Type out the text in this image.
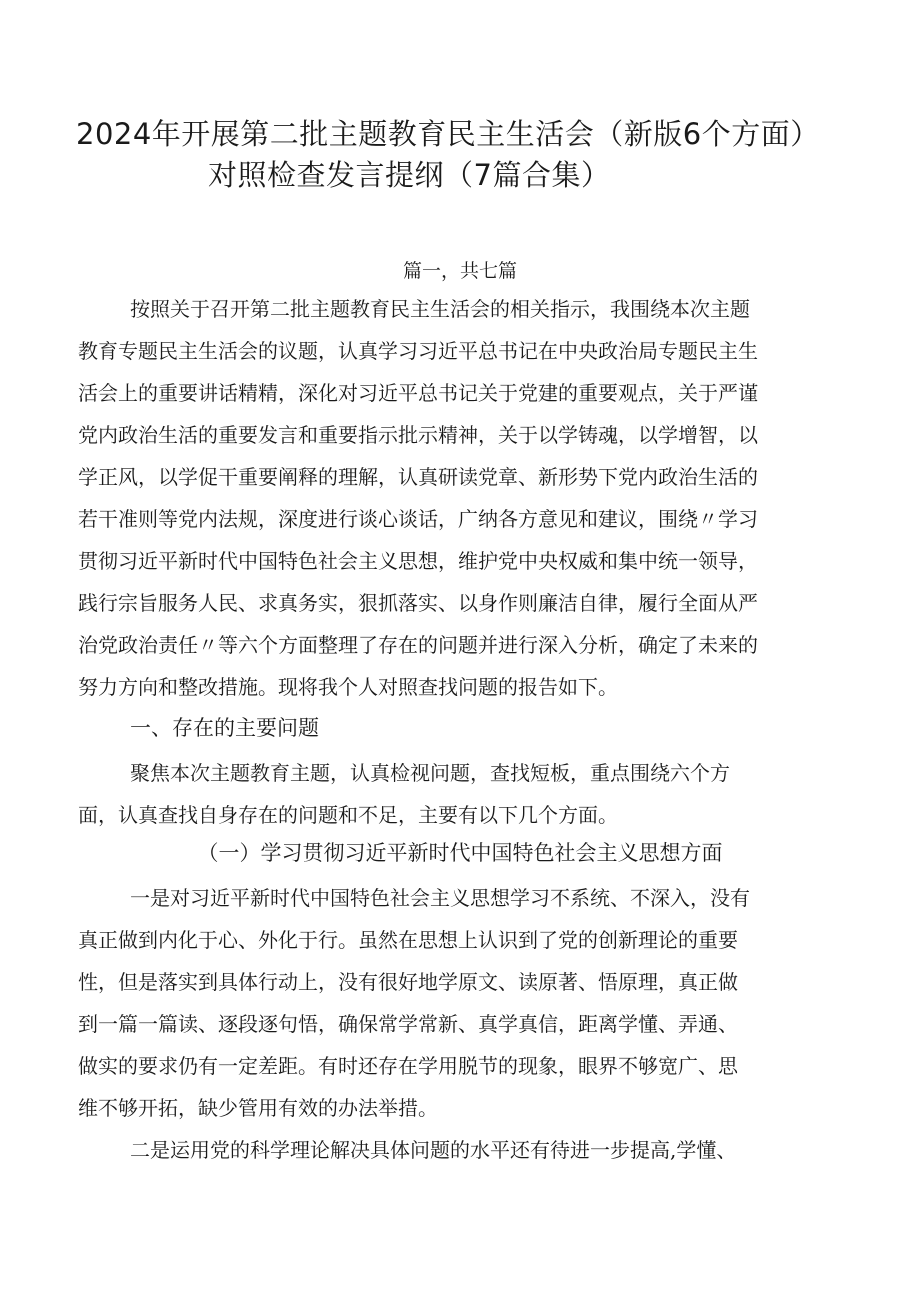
2024年开展第二批主题教育民主生活会（新版6个方面）
对照检查发言提纲（7篇合集）
篇一，共七篇
按照关于召开第二批主题教育民主生活会的相关指示，我围绕本次主题
教育专题民主生活会的议题，认真学习习近平总书记在中央政治局专题民主生
活会上的重要讲话精精，深化对习近平总书记关于党建的重要观点，关于严谨
党内政治生活的重要发言和重要指示批示精神，关于以学铸魂，以学增智，以
学正风，以学促干重要阐释的理解，认真研读党章、新形势下党内政治生活的
若干准则等党内法规，深度进行谈心谈话，广纳各方意见和建议，围绕〃学习
贯彻习近平新时代中国特色社会主义思想，维护党中央权威和集中统一领导，
践行宗旨服务人民、求真务实，狠抓落实、以身作则廉洁自律，履行全面从严
治党政治责任〃等六个方面整理了存在的问题并进行深入分析，确定了未来的
努力方向和整改措施。现将我个人对照查找问题的报告如下。
一、存在的主要问题
聚焦本次主题教育主题，认真检视问题，查找短板，重点围绕六个方
面，认真查找自身存在的问题和不足，主要有以下几个方面。
（一）学习贯彻习近平新时代中国特色社会主义思想方面
一是对习近平新时代中国特色社会主义思想学习不系统、不深入，没有
真正做到内化于心、外化于行。虽然在思想上认识到了党的创新理论的重要
性，但是落实到具体行动上，没有很好地学原文、读原著、悟原理，真正做
到一篇一篇读、逐段逐句悟，确保常学常新、真学真信，距离学懂、弄通、
做实的要求仍有一定差距。有时还存在学用脱节的现象，眼界不够宽广、思
维不够开拓，缺少管用有效的办法举措。
二是运用党的科学理论解决具体问题的水平还有待进一步提高,学懂、
